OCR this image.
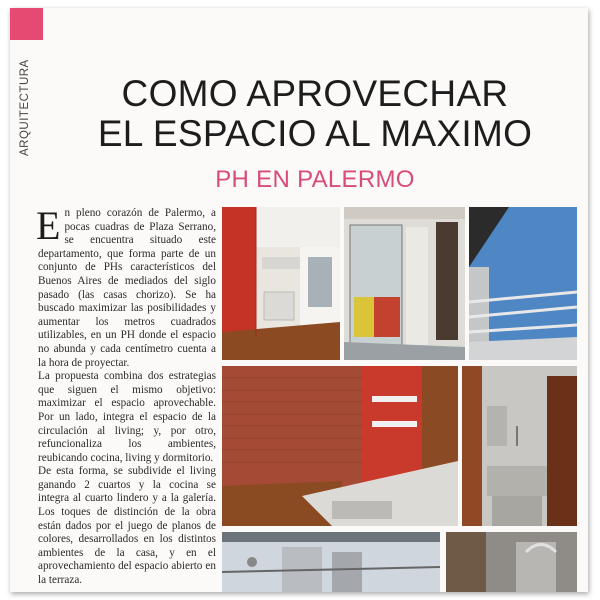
ARQUITECTURA	COMO APROVECHAR
EL ESPACIO AL MAXIMO
PH EN PALERMO
E n pleno corazón de Palermo, a pocas cuadras de Plaza Serrano, se encuentra situado este departamento, que forma parte de un conjunto de PHs característicos del Buenos Aires de mediados del siglo pasado (las casas chorizo). Se ha buscado maximizar las posibilidades y aumentar los metros cuadrados utilizables, en un PH donde el espacio no abunda y cada centímetro cuenta a la hora de proyectar.

La propuesta combina dos estrategias que siguen el mismo objetivo: maximizar el espacio aprovechable. Por un lado, integra el espacio de la circulación al living; y, por otro, refuncionaliza los ambientes, reubicando cocina, living y dormitorio.

De esta forma, se subdivide el living ganando 2 cuartos y la cocina se integra al cuarto lindero y a la galería. Los toques de distinción de la obra están dados por el juego de planos de colores, desarrollados en los distintos ambientes de la casa, y en el aprovechamiento del espacio abierto en la terraza.
